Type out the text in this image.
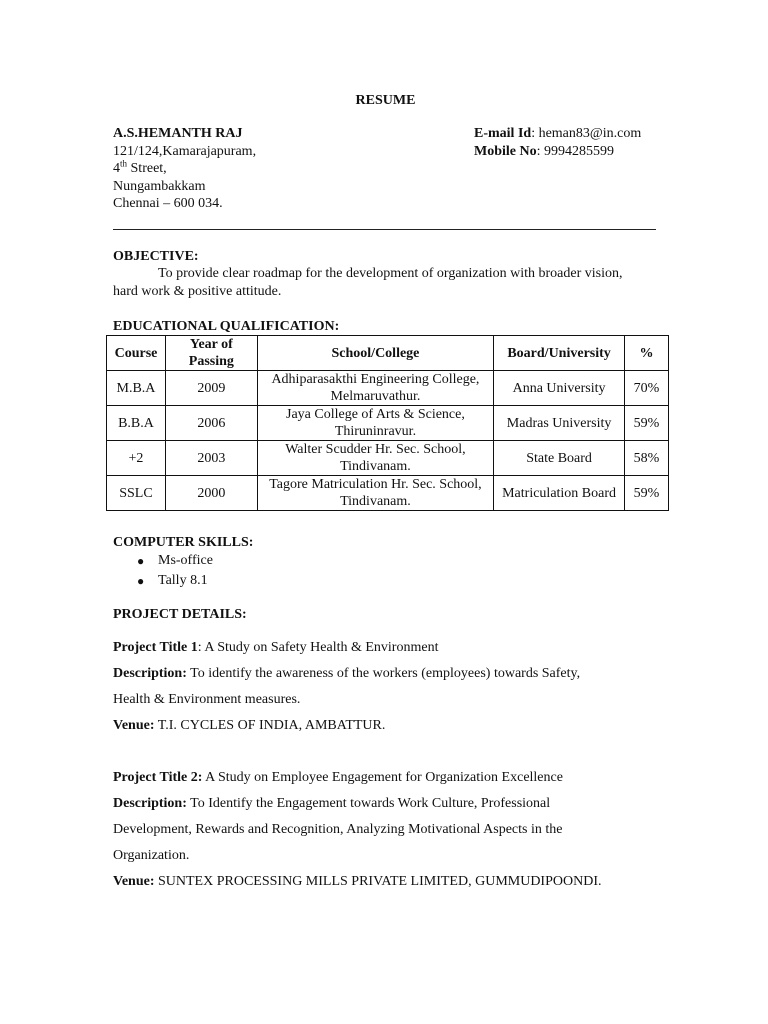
RESUME
A.S.HEMANTH RAJ
121/124,Kamarajapuram,
4th Street,
Nungambakkam
Chennai – 600 034.
E-mail Id: heman83@in.com
Mobile No: 9994285599
OBJECTIVE:
To provide clear roadmap for the development of organization with broader vision, hard work & positive attitude.
EDUCATIONAL QUALIFICATION:
Course	Year of Passing	School/College	Board/University	%
M.B.A	2009	Adhiparasakthi Engineering College, Melmaruvathur.	Anna University	70%
B.B.A	2006	Jaya College of Arts & Science, Thiruninravur.	Madras University	59%
+2	2003	Walter Scudder Hr. Sec. School, Tindivanam.	State Board	58%
SSLC	2000	Tagore Matriculation Hr. Sec. School, Tindivanam.	Matriculation Board	59%
COMPUTER SKILLS:
● Ms-office
● Tally 8.1
PROJECT DETAILS:
Project Title 1: A Study on Safety Health & Environment
Description: To identify the awareness of the workers (employees) towards Safety,
Health & Environment measures.
Venue: T.I. CYCLES OF INDIA, AMBATTUR.
Project Title 2: A Study on Employee Engagement for Organization Excellence
Description: To Identify the Engagement towards Work Culture, Professional
Development, Rewards and Recognition, Analyzing Motivational Aspects in the
Organization.
Venue: SUNTEX PROCESSING MILLS PRIVATE LIMITED, GUMMUDIPOONDI.
